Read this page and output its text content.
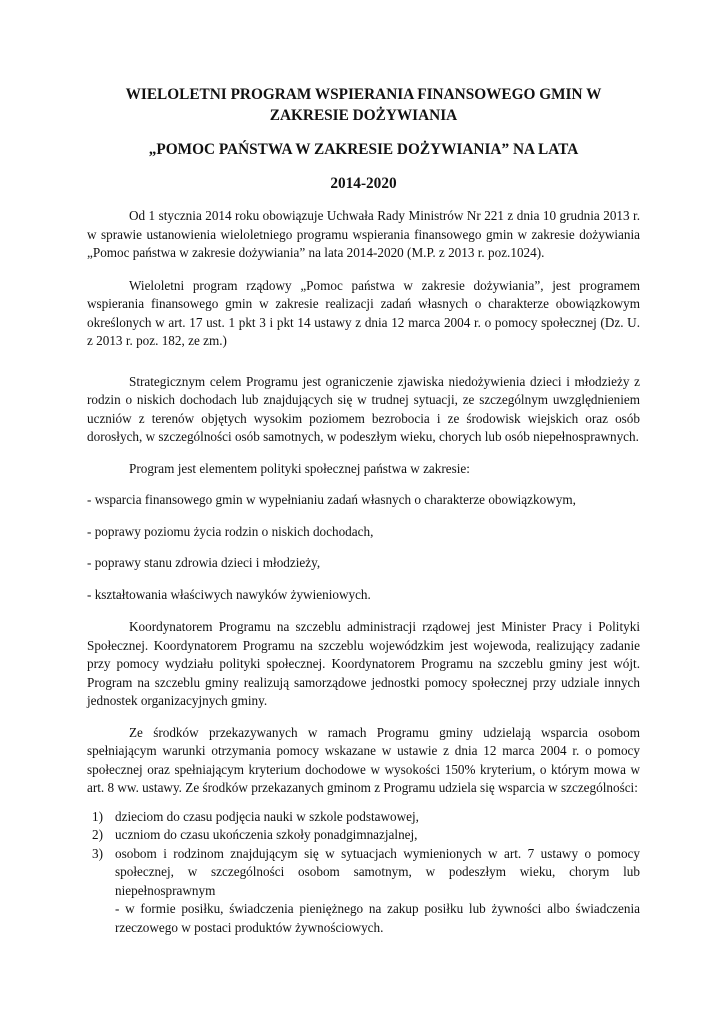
WIELOLETNI PROGRAM WSPIERANIA FINANSOWEGO GMIN W ZAKRESIE DOŻYWIANIA

„POMOC PAŃSTWA W ZAKRESIE DOŻYWIANIA” NA LATA

2014-2020

Od 1 stycznia 2014 roku obowiązuje Uchwała Rady Ministrów Nr 221 z dnia 10 grudnia 2013 r. w sprawie ustanowienia wieloletniego programu wspierania finansowego gmin w zakresie dożywiania „Pomoc państwa w zakresie dożywiania” na lata 2014-2020 (M.P. z 2013 r. poz.1024).

Wieloletni program rządowy „Pomoc państwa w zakresie dożywiania”, jest programem wspierania finansowego gmin w zakresie realizacji zadań własnych o charakterze obowiązkowym określonych w art. 17 ust. 1 pkt 3 i pkt 14 ustawy z dnia 12 marca 2004 r. o pomocy społecznej (Dz. U. z 2013 r. poz. 182, ze zm.)

Strategicznym celem Programu jest ograniczenie zjawiska niedożywienia dzieci i młodzieży z rodzin o niskich dochodach lub znajdujących się w trudnej sytuacji, ze szczególnym uwzględnieniem uczniów z terenów objętych wysokim poziomem bezrobocia i ze środowisk wiejskich oraz osób dorosłych, w szczególności osób samotnych, w podeszłym wieku, chorych lub osób niepełnosprawnych.

Program jest elementem polityki społecznej państwa w zakresie:

- wsparcia finansowego gmin w wypełnianiu zadań własnych o charakterze obowiązkowym,

- poprawy poziomu życia rodzin o niskich dochodach,

- poprawy stanu zdrowia dzieci i młodzieży,

- kształtowania właściwych nawyków żywieniowych.

Koordynatorem Programu na szczeblu administracji rządowej jest Minister Pracy i Polityki Społecznej. Koordynatorem Programu na szczeblu wojewódzkim jest wojewoda, realizujący zadanie przy pomocy wydziału polityki społecznej. Koordynatorem Programu na szczeblu gminy jest wójt. Program na szczeblu gminy realizują samorządowe jednostki pomocy społecznej przy udziale innych jednostek organizacyjnych gminy.

Ze środków przekazywanych w ramach Programu gminy udzielają wsparcia osobom spełniającym warunki otrzymania pomocy wskazane w ustawie z dnia 12 marca 2004 r. o pomocy społecznej oraz spełniającym kryterium dochodowe w wysokości 150% kryterium, o którym mowa w art. 8 ww. ustawy. Ze środków przekazanych gminom z Programu udziela się wsparcia w szczególności:

1) dzieciom do czasu podjęcia nauki w szkole podstawowej,
2) uczniom do czasu ukończenia szkoły ponadgimnazjalnej,
3) osobom i rodzinom znajdującym się w sytuacjach wymienionych w art. 7 ustawy o pomocy społecznej, w szczególności osobom samotnym, w podeszłym wieku, chorym lub niepełnosprawnym
- w formie posiłku, świadczenia pieniężnego na zakup posiłku lub żywności albo świadczenia rzeczowego w postaci produktów żywnościowych.
